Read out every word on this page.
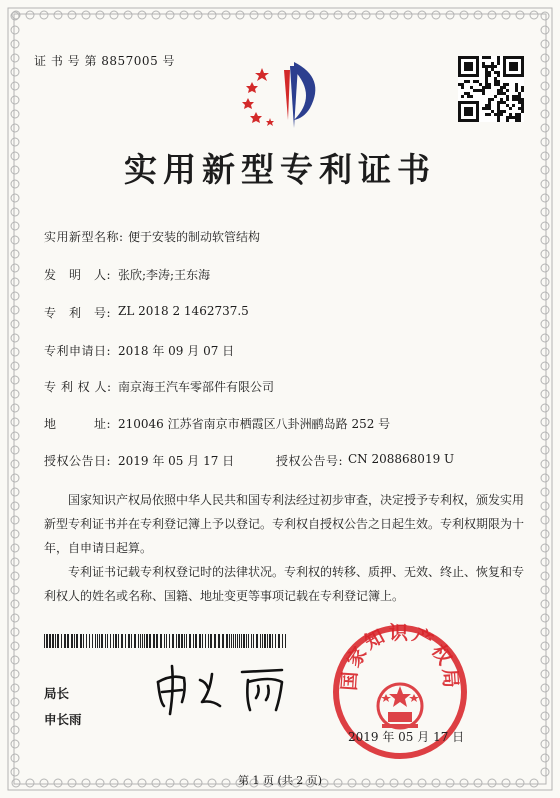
证 书 号 第 8857005 号
实用新型专利证书
实用新型名称: 便于安装的制动软管结构
发　明　人: 张欣;李涛;王东海
专　利　号: ZL 2018 2 1462737.5
专利申请日: 2018 年 09 月 07 日
专 利 权 人: 南京海王汽车零部件有限公司
地　　　址: 210046 江苏省南京市栖霞区八卦洲鹂岛路 252 号
授权公告日: 2019 年 05 月 17 日	授权公告号: CN 208868019 U
国家知识产权局依照中华人民共和国专利法经过初步审查，决定授予专利权，颁发实用新型专利证书并在专利登记簿上予以登记。专利权自授权公告之日起生效。专利权期限为十年，自申请日起算。
专利证书记载专利权登记时的法律状况。专利权的转移、质押、无效、终止、恢复和专利权人的姓名或名称、国籍、地址变更等事项记载在专利登记簿上。
局长
申长雨
国家知识产权局
2019 年 05 月 17 日
第 1 页 (共 2 页)
